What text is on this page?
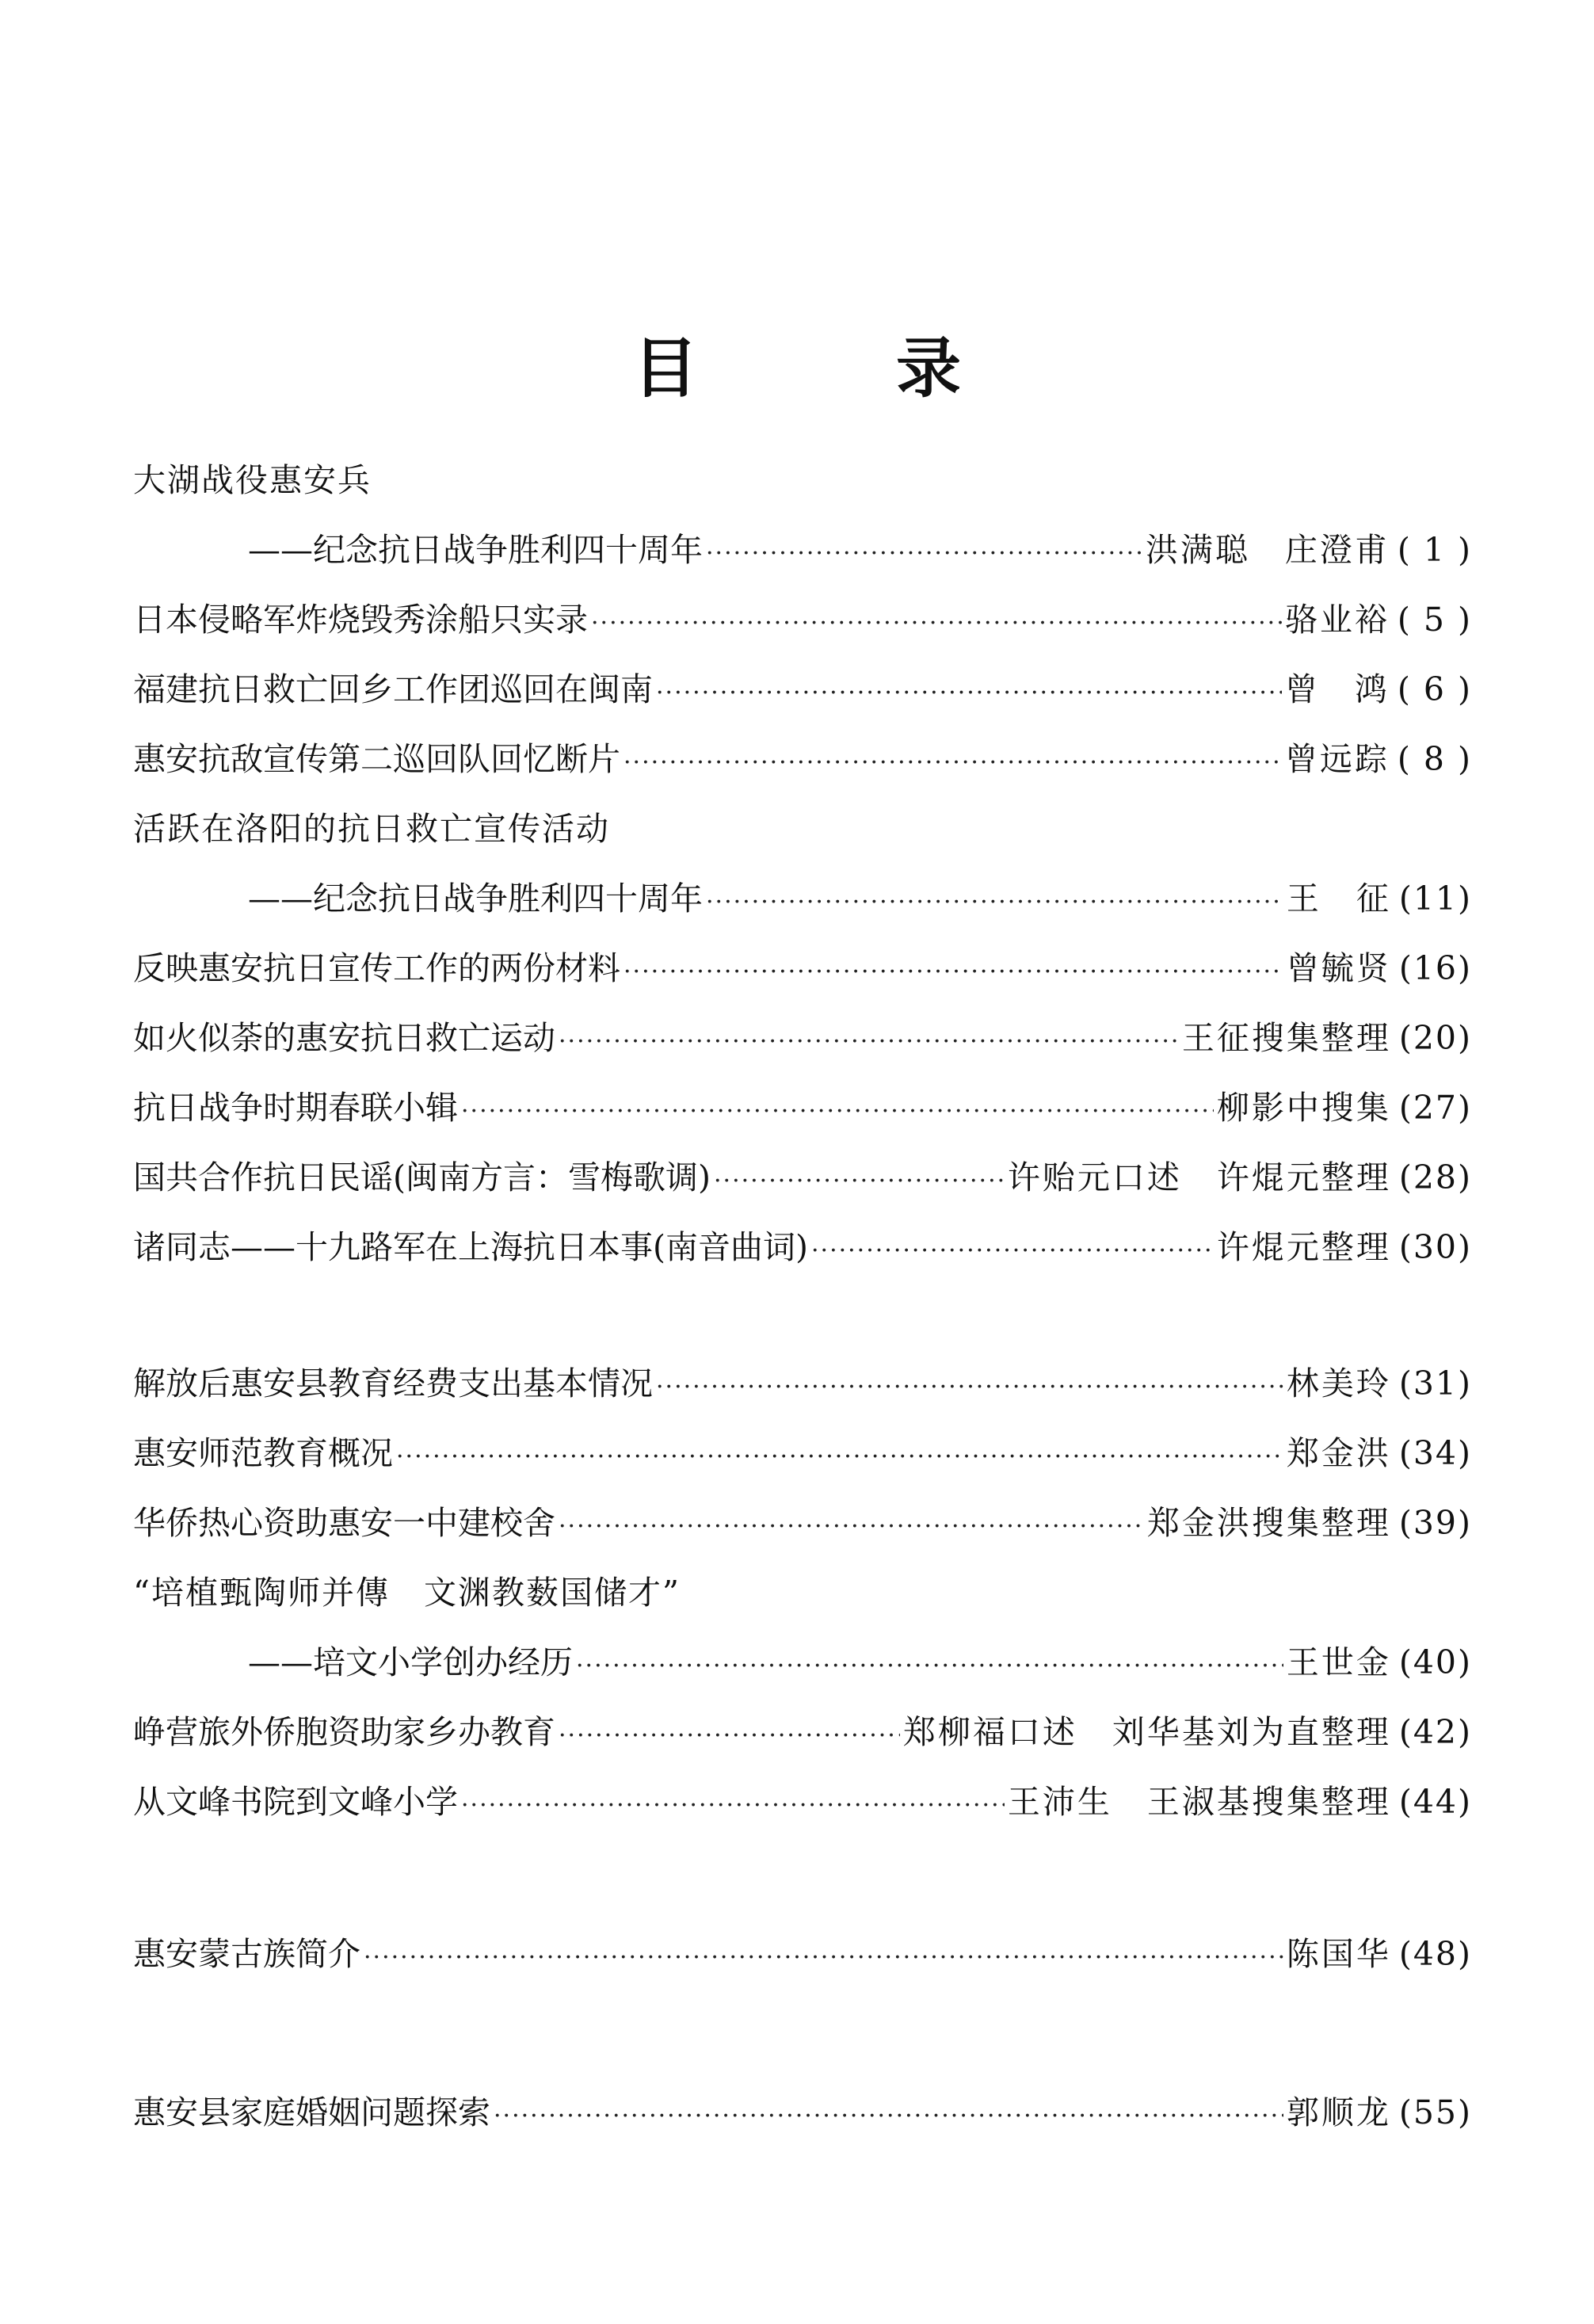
目	录
大湖战役惠安兵
——纪念抗日战争胜利四十周年 ·····	洪满聪　庄澄甫 ( 1 )
日本侵略军炸烧毁秀涂船只实录 ·····	骆业裕 ( 5 )
福建抗日救亡回乡工作团巡回在闽南 ·····	曾　鸿 ( 6 )
惠安抗敌宣传第二巡回队回忆断片 ·····	曾远踪 ( 8 )
活跃在洛阳的抗日救亡宣传活动
——纪念抗日战争胜利四十周年 ·····	王　征 (11)
反映惠安抗日宣传工作的两份材料 ·····	曾毓贤 (16)
如火似荼的惠安抗日救亡运动 ·····	王征搜集整理 (20)
抗日战争时期春联小辑 ·····	柳影中搜集 (27)
国共合作抗日民谣(闽南方言：雪梅歌调) ·····	许贻元口述　许焜元整理 (28)
诸同志——十九路军在上海抗日本事(南音曲词) ·····	许焜元整理 (30)
解放后惠安县教育经费支出基本情况 ·····	林美玲 (31)
惠安师范教育概况 ·····	郑金洪 (34)
华侨热心资助惠安一中建校舍 ·····	郑金洪搜集整理 (39)
“培植甄陶师并傳　文渊教薮国储才”
——培文小学创办经历 ·····	王世金 (40)
峥营旅外侨胞资助家乡办教育 ·····	郑柳福口述　刘华基刘为直整理 (42)
从文峰书院到文峰小学 ·····	王沛生　王淑基搜集整理 (44)
惠安蒙古族简介 ·····	陈国华 (48)
惠安县家庭婚姻问题探索 ·····	郭顺龙 (55)
